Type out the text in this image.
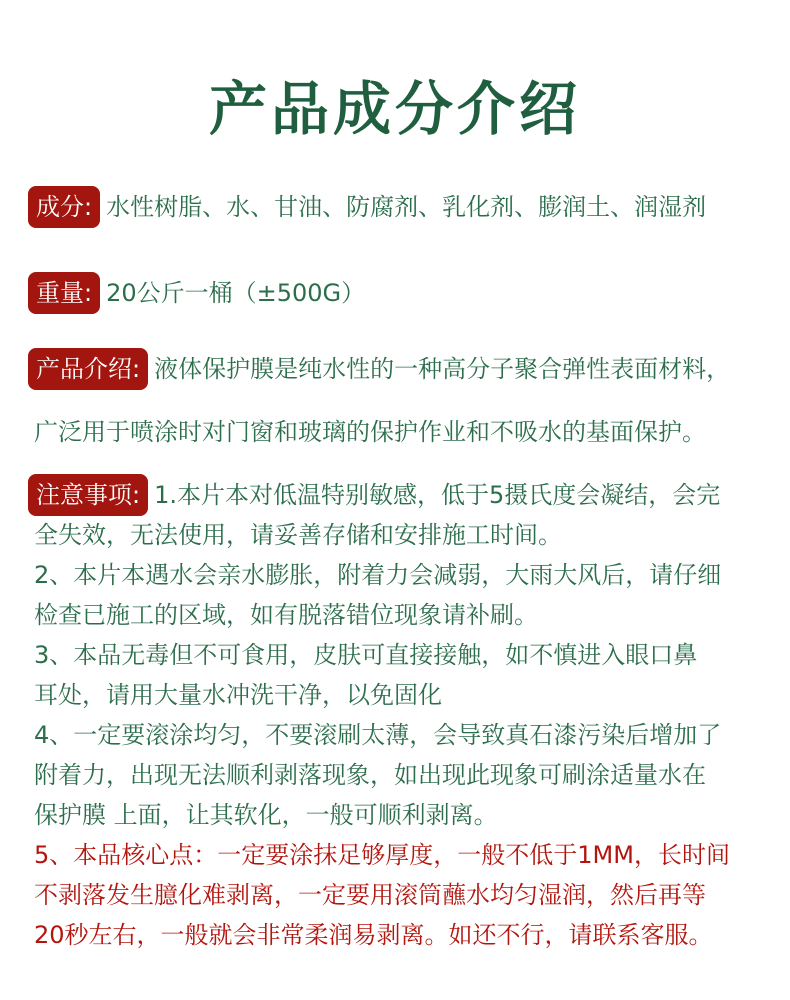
产品成分介绍
成分: 水性树脂、水、甘油、防腐剂、乳化剂、膨润土、润湿剂
重量: 20公斤一桶（±500G）
产品介绍: 液体保护膜是纯水性的一种高分子聚合弹性表面材料，
广泛用于喷涂时对门窗和玻璃的保护作业和不吸水的基面保护。
注意事项: 1.本片本对低温特别敏感，低于5摄氏度会凝结，会完
全失效，无法使用，请妥善存储和安排施工时间。
2、本片本遇水会亲水膨胀，附着力会减弱，大雨大风后，请仔细
检查已施工的区域，如有脱落错位现象请补刷。
3、本品无毒但不可食用，皮肤可直接接触，如不慎进入眼口鼻
耳处，请用大量水冲洗干净，以免固化
4、一定要滚涂均匀，不要滚刷太薄，会导致真石漆污染后增加了
附着力，出现无法顺利剥落现象，如出现此现象可刷涂适量水在
保护膜 上面，让其软化，一般可顺利剥离。
5、本品核心点：一定要涂抹足够厚度，一般不低于1MM，长时间
不剥落发生臆化难剥离，一定要用滚筒蘸水均匀湿润，然后再等
20秒左右，一般就会非常柔润易剥离。如还不行，请联系客服。
